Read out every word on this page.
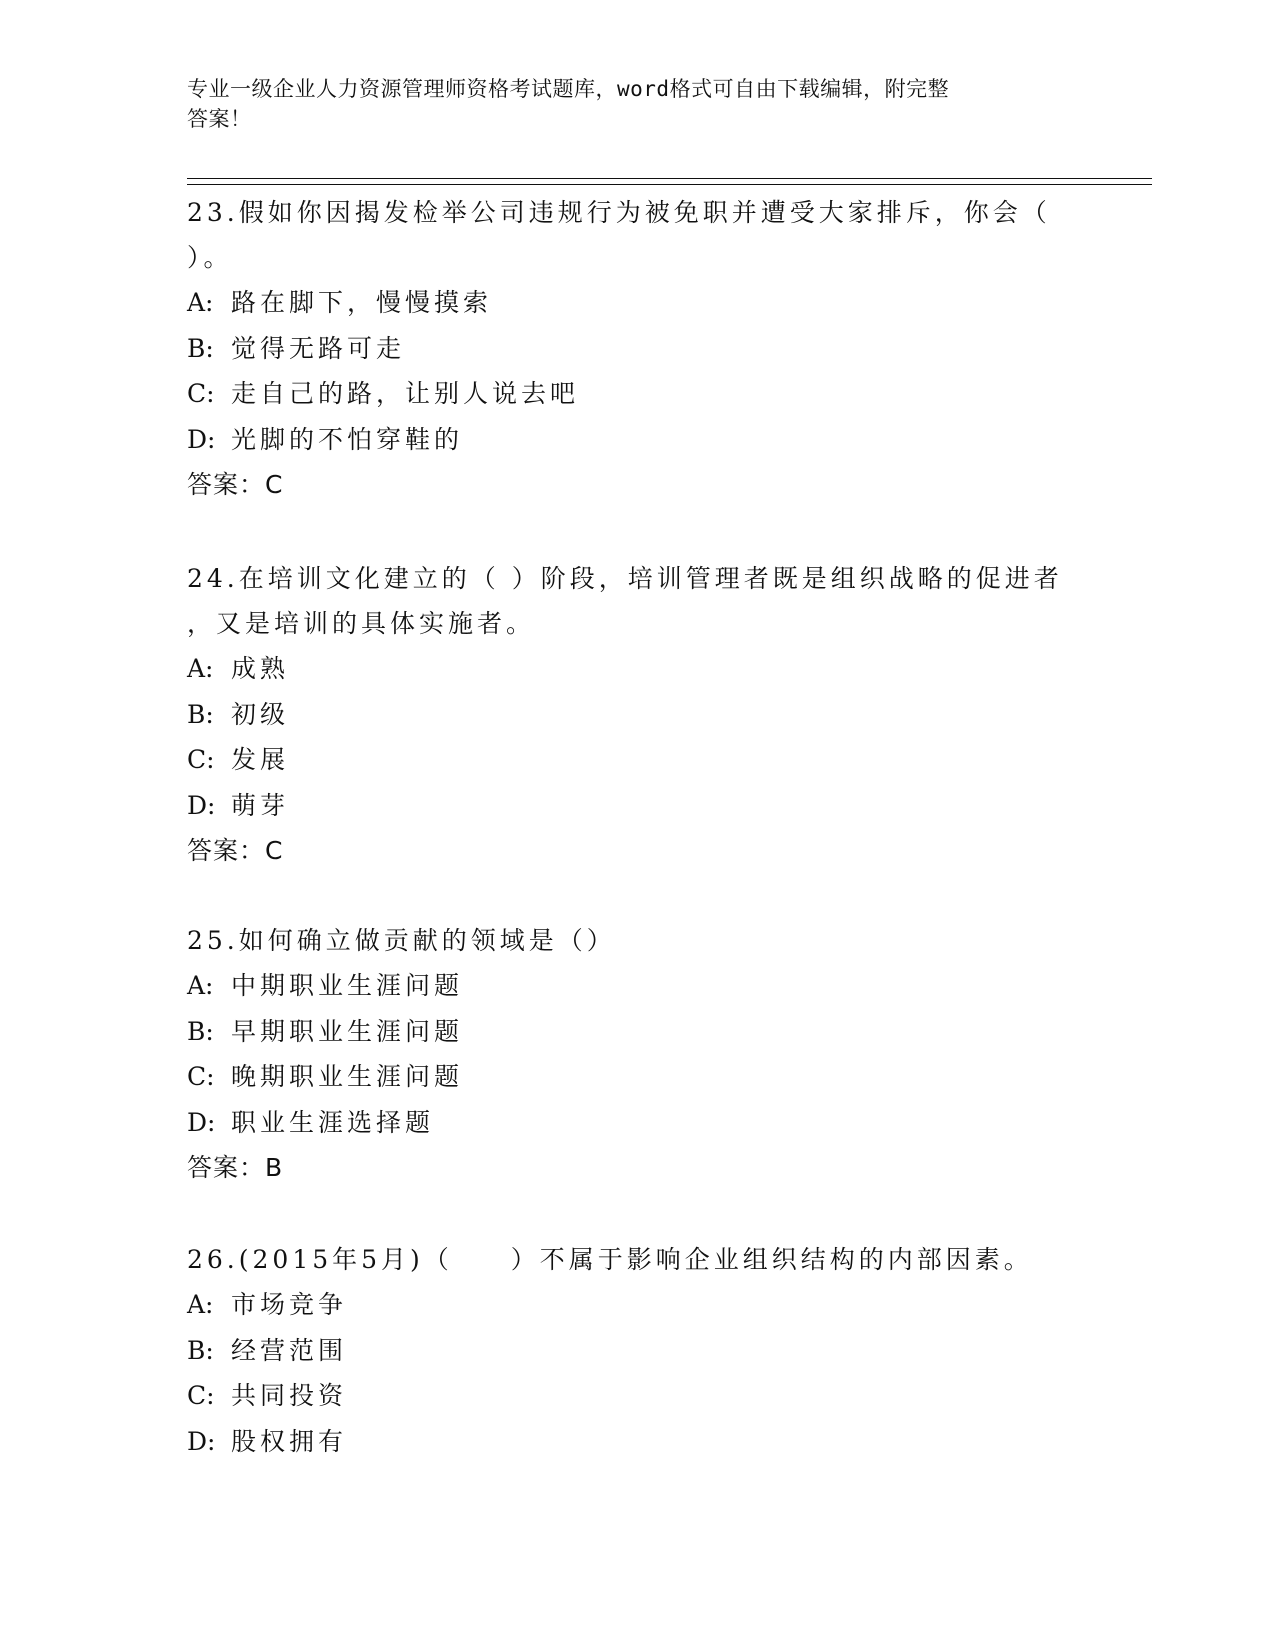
专业一级企业人力资源管理师资格考试题库，word格式可自由下载编辑，附完整
答案！

23.假如你因揭发检举公司违规行为被免职并遭受大家排斥，你会（

）。

A: 路在脚下，慢慢摸索

B: 觉得无路可走

C: 走自己的路，让别人说去吧

D: 光脚的不怕穿鞋的

答案：C

24.在培训文化建立的（ ）阶段，培训管理者既是组织战略的促进者

，又是培训的具体实施者。

A: 成熟

B: 初级

C: 发展

D: 萌芽

答案：C

25.如何确立做贡献的领域是（）

A: 中期职业生涯问题

B: 早期职业生涯问题

C: 晚期职业生涯问题

D: 职业生涯选择题

答案：B

26.(2015年5月)（　　）不属于影响企业组织结构的内部因素。

A: 市场竞争

B: 经营范围

C: 共同投资

D: 股权拥有
